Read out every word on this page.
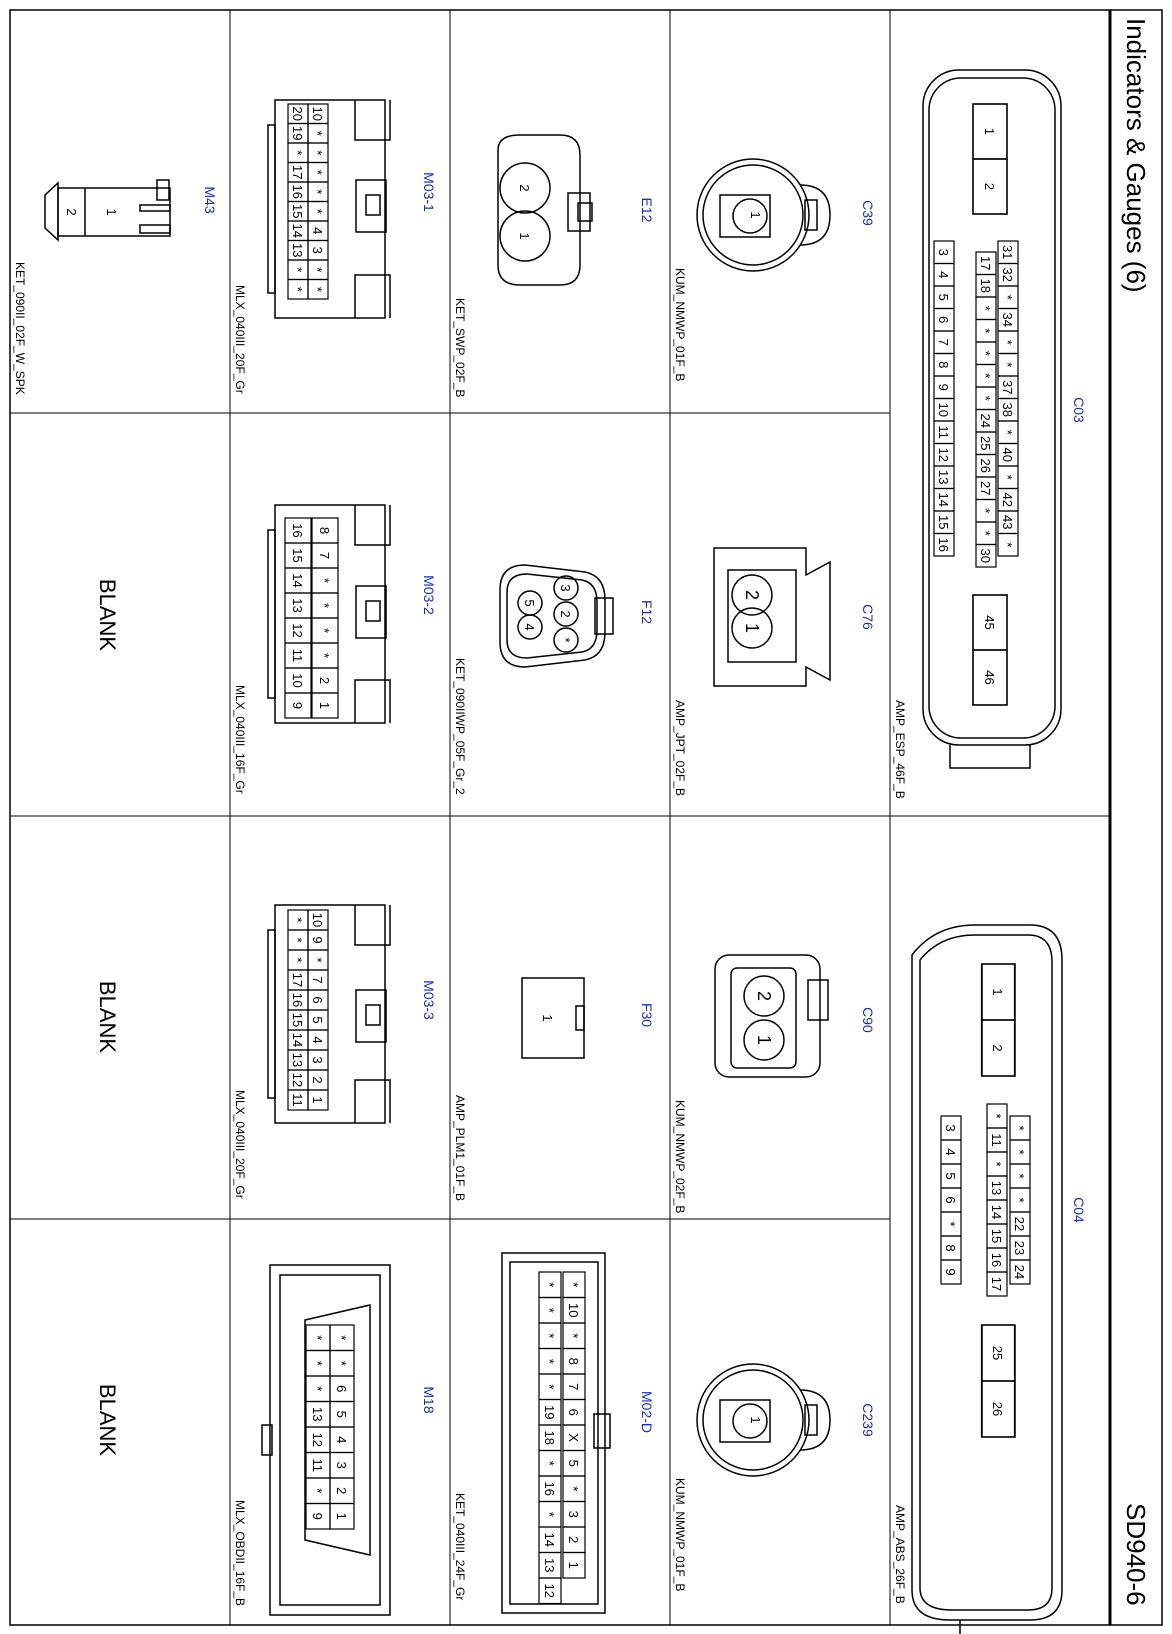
Indicators & Gauges (6)
SD940-6
C03
AMP_ESP_46F_B
1
2
45
46
31
32
*
34
*
*
37
38
*
40
*
42
43
*
17
18
*
*
*
*
*
24
25
26
27
*
*
30
3
4
5
6
7
8
9
10
11
12
13
14
15
16
C04
AMP_ABS_26F_B
1
2
25
26
*
*
*
*
22
23
24
*
11
*
13
14
15
16
17
3
4
5
6
*
8
9
C39
KUM_NMWP_01F_B
1
C76
AMP_JPT_02F_B
2
1
C90
KUM_NMWP_02F_B
2
1
C239
KUM_NMWP_01F_B
1
E12
KET_SWP_02F_B
2
1
F12
KET_090IIWP_05F_Gr_2
3
2
*
5
4
F30
AMP_PLM1_01F_B
1
M02-D
KET_040III_24F_Gr
*
10
*
8
7
6
X
5
*
3
2
1
*
*
*
*
*
19
18
*
16
*
14
13
12
M03-1
MLX_040III_20F_Gr
10
*
*
*
*
*
4
3
*
*
20
19
*
17
16
15
14
13
*
*
M03-2
MLX_040III_16F_Gr
8
7
*
*
*
*
2
1
16
15
14
13
12
11
10
9
M03-3
MLX_040III_20F_Gr
10
9
*
7
6
5
4
3
2
1
*
*
*
17
16
15
14
13
12
11
M18
MLX_OBDII_16F_B
*
*
6
5
4
3
2
1
*
*
*
13
12
11
*
9
M43
KET_090II_02F_W_SPK
2 1
BLANK
BLANK
BLANK
